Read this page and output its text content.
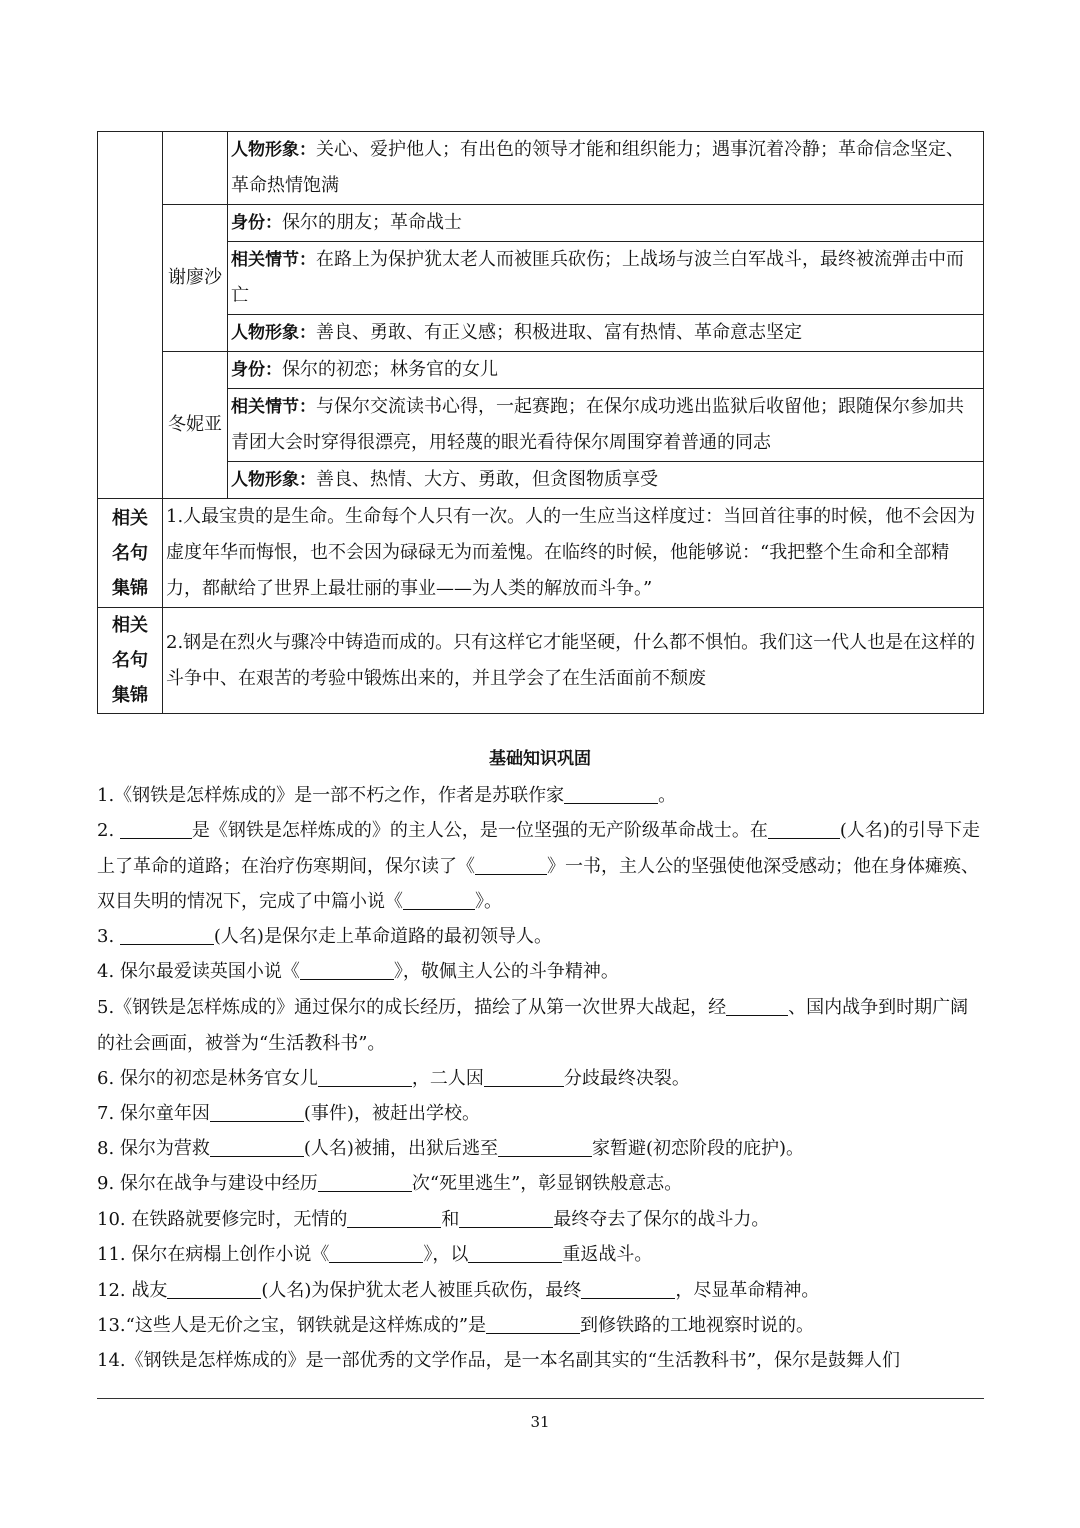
		人物形象：关心、爱护他人；有出色的领导才能和组织能力；遇事沉着冷静；革命信念坚定、革命热情饱满
	谢廖沙	身份：保尔的朋友；革命战士
		相关情节：在路上为保护犹太老人而被匪兵砍伤；上战场与波兰白军战斗，最终被流弹击中而亡
		人物形象：善良、勇敢、有正义感；积极进取、富有热情、革命意志坚定
	冬妮亚	身份：保尔的初恋；林务官的女儿
		相关情节：与保尔交流读书心得，一起赛跑；在保尔成功逃出监狱后收留他；跟随保尔参加共青团大会时穿得很漂亮，用轻蔑的眼光看待保尔周围穿着普通的同志
		人物形象：善良、热情、大方、勇敢，但贪图物质享受

相关
名句
集锦	1.人最宝贵的是生命。生命每个人只有一次。人的一生应当这样度过：当回首往事的时候，他不会因为虚度年华而悔恨，也不会因为碌碌无为而羞愧。在临终的时候，他能够说：“我把整个生命和全部精力，都献给了世界上最壮丽的事业——为人类的解放而斗争。”	

相关
名句
集锦	2.钢是在烈火与骤冷中铸造而成的。只有这样它才能坚硬，什么都不惧怕。我们这一代人也是在这样的斗争中、在艰苦的考验中锻炼出来的，并且学会了在生活面前不颓废	
基础知识巩固
1.《钢铁是怎样炼成的》是一部不朽之作，作者是苏联作家	。
2.	是《钢铁是怎样炼成的》的主人公，是一位坚强的无产阶级革命战士。在	(人名)的引导下走上了革命的道路；在治疗伤寒期间，保尔读了《	》一书，主人公的坚强使他深受感动；他在身体瘫痪、双目失明的情况下，完成了中篇小说《	》。
3.	(人名)是保尔走上革命道路的最初领导人。
4. 保尔最爱读英国小说《	》，敬佩主人公的斗争精神。
5.《钢铁是怎样炼成的》通过保尔的成长经历，描绘了从第一次世界大战起，经	、国内战争到时期广阔的社会画面，被誉为“生活教科书”。
6. 保尔的初恋是林务官女儿	，二人因	分歧最终决裂。
7. 保尔童年因	(事件)，被赶出学校。
8. 保尔为营救	(人名)被捕，出狱后逃至	家暂避(初恋阶段的庇护)。
9. 保尔在战争与建设中经历	次“死里逃生”，彰显钢铁般意志。
10. 在铁路就要修完时，无情的	和	最终夺去了保尔的战斗力。
11. 保尔在病榻上创作小说《	》，以	重返战斗。
12. 战友	(人名)为保护犹太老人被匪兵砍伤，最终	，尽显革命精神。
13.“这些人是无价之宝，钢铁就是这样炼成的”是	到修铁路的工地视察时说的。
14.《钢铁是怎样炼成的》是一部优秀的文学作品，是一本名副其实的“生活教科书”，保尔是鼓舞人们
31
